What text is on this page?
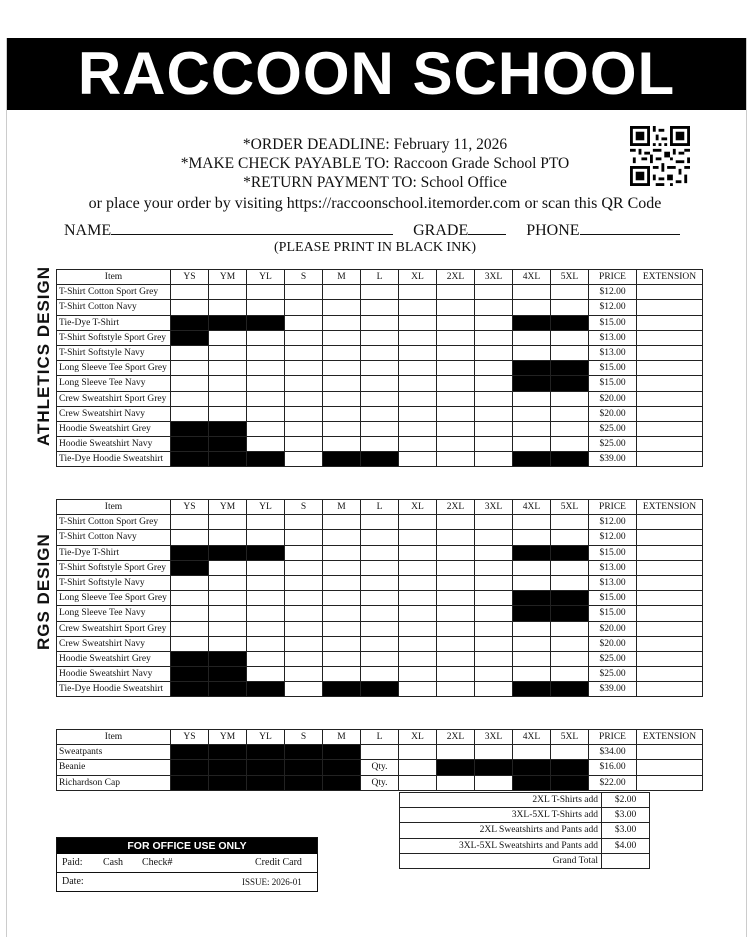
RACCOON SCHOOL
*ORDER DEADLINE: February 11, 2026
*MAKE CHECK PAYABLE TO: Raccoon Grade School PTO
*RETURN PAYMENT TO: School Office
or place your order by visiting https://raccoonschool.itemorder.com or scan this QR Code
NAME	GRADE	PHONE
(PLEASE PRINT IN BLACK INK)
ATHLETICS DESIGN	Item	YS	YM	YL	S	M	L	XL	2XL	3XL	4XL	5XL	PRICE	EXTENSION
T-Shirt Cotton Sport Grey												$12.00	
T-Shirt Cotton Navy												$12.00	
Tie-Dye T-Shirt												$15.00	
T-Shirt Softstyle Sport Grey												$13.00	
T-Shirt Softstyle Navy												$13.00	
Long Sleeve Tee Sport Grey												$15.00	
Long Sleeve Tee Navy												$15.00	
Crew Sweatshirt Sport Grey												$20.00	
Crew Sweatshirt Navy												$20.00	
Hoodie Sweatshirt Grey												$25.00	
Hoodie Sweatshirt Navy												$25.00	
Tie-Dye Hoodie Sweatshirt												$39.00	
RGS DESIGN
Item	YS	YM	YL	S	M	L	XL	2XL	3XL	4XL	5XL	PRICE	EXTENSION
T-Shirt Cotton Sport Grey												$12.00	
T-Shirt Cotton Navy												$12.00	
Tie-Dye T-Shirt												$15.00	
T-Shirt Softstyle Sport Grey												$13.00	
T-Shirt Softstyle Navy												$13.00	
Long Sleeve Tee Sport Grey												$15.00	
Long Sleeve Tee Navy												$15.00	
Crew Sweatshirt Sport Grey												$20.00	
Crew Sweatshirt Navy												$20.00	
Hoodie Sweatshirt Grey												$25.00	
Hoodie Sweatshirt Navy												$25.00	
Tie-Dye Hoodie Sweatshirt												$39.00	
Item	YS	YM	YL	S	M	L	XL	2XL	3XL	4XL	5XL	PRICE	EXTENSION
Sweatpants												$34.00	
Beanie						Qty.						$16.00	
Richardson Cap						Qty.						$22.00	
2XL T-Shirts add	$2.00
3XL-5XL T-Shirts add	$3.00
2XL Sweatshirts and Pants add	$3.00
3XL-5XL Sweatshirts and Pants add	$4.00
Grand Total	
FOR OFFICE USE ONLY
Paid: Cash Check#	Credit Card
Date:	ISSUE: 2026-01
